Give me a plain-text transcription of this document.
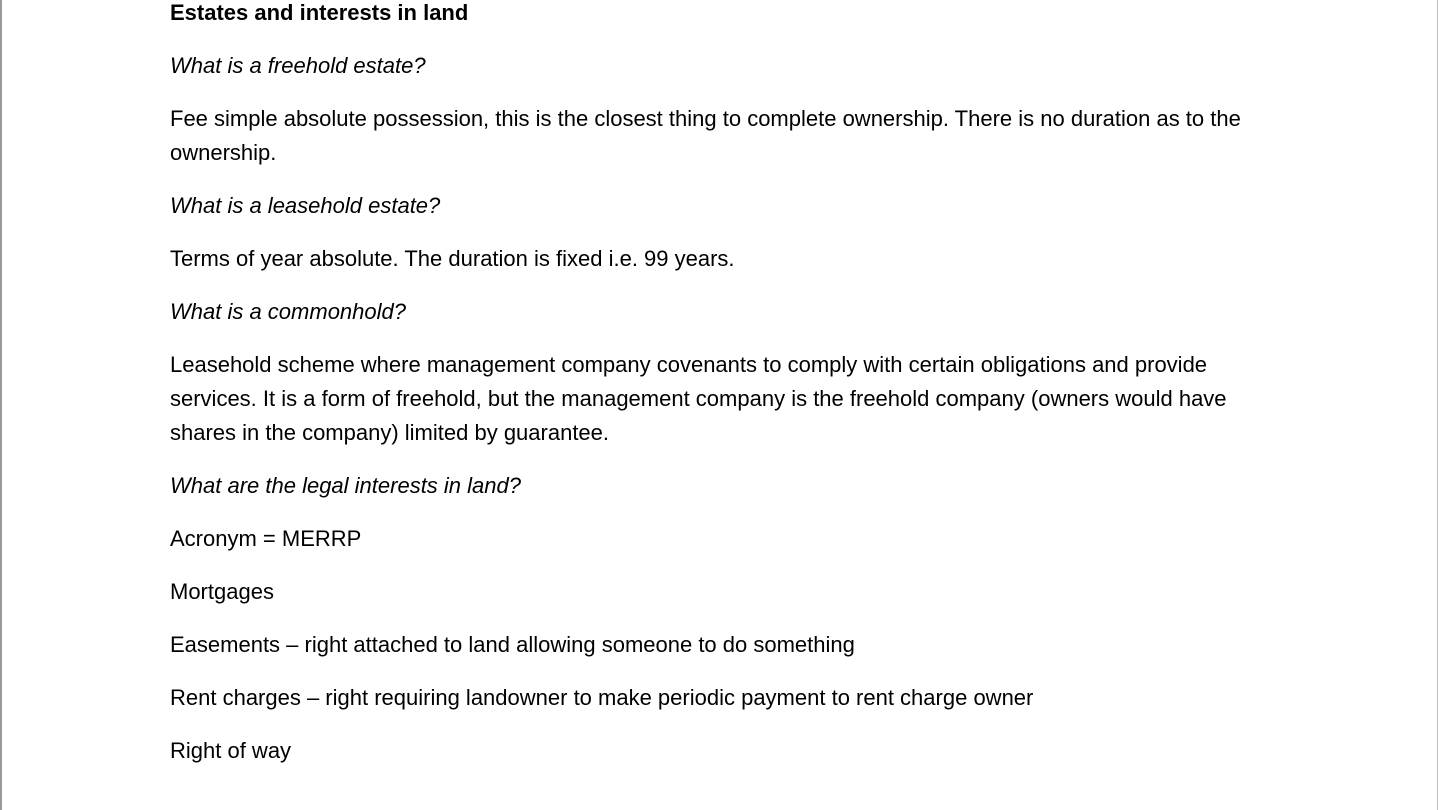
Estates and interests in land

What is a freehold estate?

Fee simple absolute possession, this is the closest thing to complete ownership. There is no duration as to the ownership.

What is a leasehold estate?

Terms of year absolute. The duration is fixed i.e. 99 years.

What is a commonhold?

Leasehold scheme where management company covenants to comply with certain obligations and provide services. It is a form of freehold, but the management company is the freehold company (owners would have shares in the company) limited by guarantee.

What are the legal interests in land?

Acronym = MERRP

Mortgages

Easements – right attached to land allowing someone to do something

Rent charges – right requiring landowner to make periodic payment to rent charge owner

Right of way
